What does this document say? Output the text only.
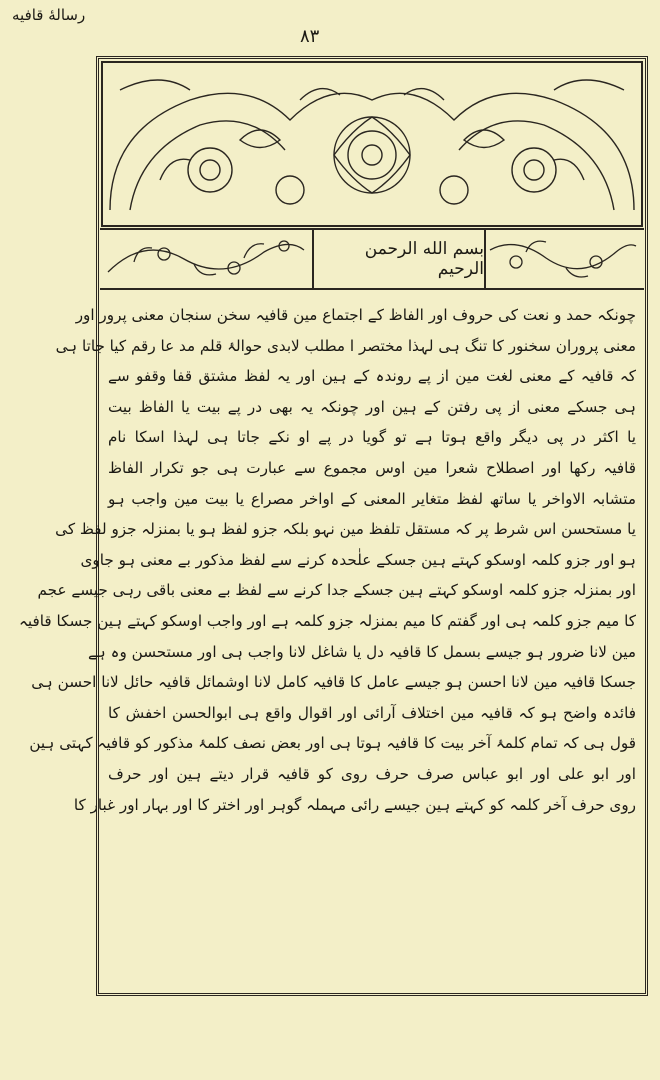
رسالهٔ قافیه
۸۳
بسم الله الرحمن الرحیم
چونکہ حمد و نعت کی حروف اور الفاظ کے اجتماع مین قافیہ سخن سنجان معنی پرور اور
معنی پروران سخنور کا تنگ ہی لہذا مختصر ا مطلب لابدی حوالۂ قلم مد عا رقم کیا جاتا ہی
کہ قافیہ کے معنی لغت مین از پے روندہ کے ہین اور یہ لفظ مشتق قفا وقفو سے
ہی جسکے معنی از پی رفتن کے ہین اور چونکہ یہ بھی در پے بیت یا الفاظ بیت
یا اکثر در پی دیگر واقع ہوتا ہے تو گویا در پے او نکے جاتا ہی لہذا اسکا نام
قافیہ رکھا اور اصطلاح شعرا مین اوس مجموع سے عبارت ہی جو تکرار الفاظ
متشابہ الاواخر یا ساتھ لفظ متغایر المعنی کے اواخر مصراع یا بیت مین واجب ہو
یا مستحسن اس شرط پر کہ مستقل تلفظ مین نہو بلکہ جزو لفظ ہو یا بمنزلہ جزو لفظ کی
ہو اور جزو کلمہ اوسکو کہتے ہین جسکے علٰحدہ کرنے سے لفظ مذکور بے معنی ہو جاوی
اور بمنزلہ جزو کلمہ اوسکو کہتے ہین جسکے جدا کرنے سے لفظ بے معنی باقی رہی جیسے عجم
کا میم جزو کلمہ ہی اور گفتم کا میم بمنزلہ جزو کلمہ ہے اور واجب اوسکو کہتے ہین جسکا قافیہ
مین لانا ضرور ہو جیسے بسمل کا قافیہ دل یا شاغل لانا واجب ہی اور مستحسن وہ ہے
جسکا قافیہ مین لانا احسن ہو جیسے عامل کا قافیہ کامل لانا اوشمائل قافیہ حائل لانا احسن ہی
فائدہ واضح ہو کہ قافیہ مین اختلاف آرائی اور اقوال واقع ہی ابوالحسن اخفش کا
قول ہی کہ تمام کلمۂ آخر بیت کا قافیہ ہوتا ہی اور بعض نصف کلمۂ مذکور کو قافیہ کہتی ہین
اور ابو علی اور ابو عباس صرف حرف روی کو قافیہ قرار دیتے ہین اور حرف
روی حرف آخر کلمہ کو کہتے ہین جیسے رائی مہملہ گوہر اور اختر کا اور بہار اور غبار کا
